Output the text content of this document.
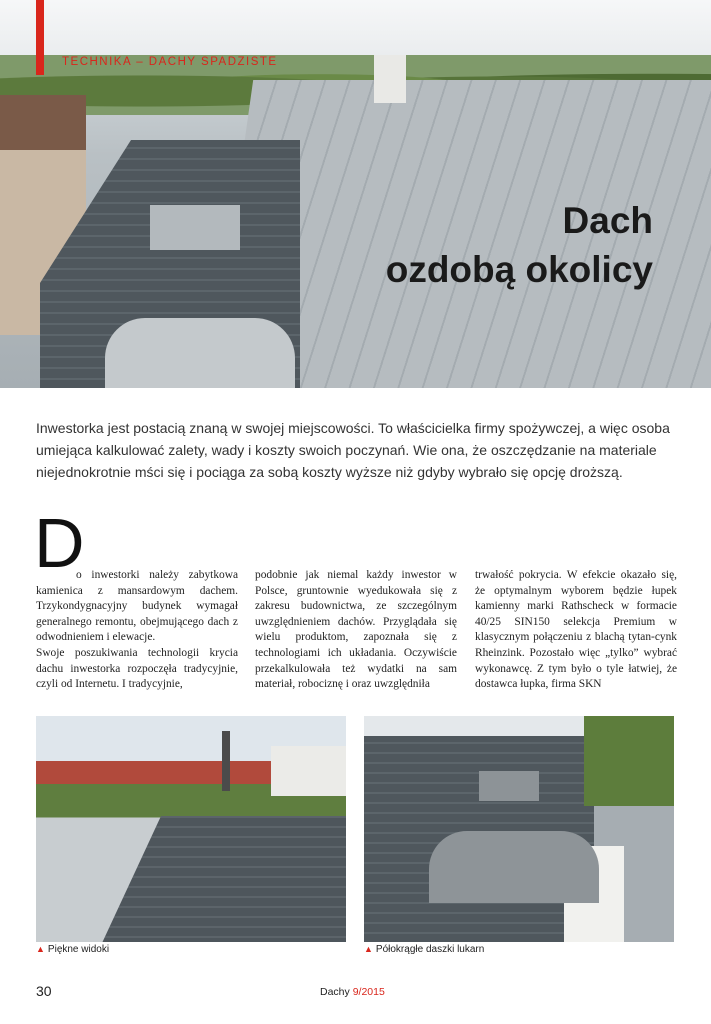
TECHNIKA – DACHY SPADZISTE
Dach
ozdobą okolicy

Inwestorka jest postacią znaną w swojej miejscowości. To właścicielka firmy spożywczej, a więc osoba umiejąca kalkulować zalety, wady i koszty swoich poczynań. Wie ona, że oszczędzanie na materiale niejednokrotnie mści się i pociąga za sobą koszty wyższe niż gdyby wybrało się opcję droższą.

D
o inwestorki należy zabytkowa kamienica z mansardowym dachem. Trzykondygnacyjny budynek wymagał generalnego remontu, obejmującego dach z odwodnieniem i elewacje.
Swoje poszukiwania technologii krycia dachu inwestorka rozpoczęła tradycyjnie, czyli od Internetu. I tradycyjnie,
podobnie jak niemal każdy inwestor w Polsce, gruntownie wyedukowała się z zakresu budownictwa, ze szczególnym uwzględnieniem dachów. Przyglądała się wielu produktom, zapoznała się z technologiami ich układania. Oczywiście przekalkulowała też wydatki na sam materiał, robociznę i oraz uwzględniła
trwałość pokrycia. W efekcie okazało się, że optymalnym wyborem będzie łupek kamienny marki Rathscheck w formacie 40/25 SIN150 selekcja Premium w klasycznym połączeniu z blachą tytan-cynk Rheinzink. Pozostało więc „tylko” wybrać wykonawcę. Z tym było o tyle łatwiej, że dostawca łupka, firma SKN
▲ Piękne widoki	▲ Półokrągłe daszki lukarn
30	Dachy 9/2015
